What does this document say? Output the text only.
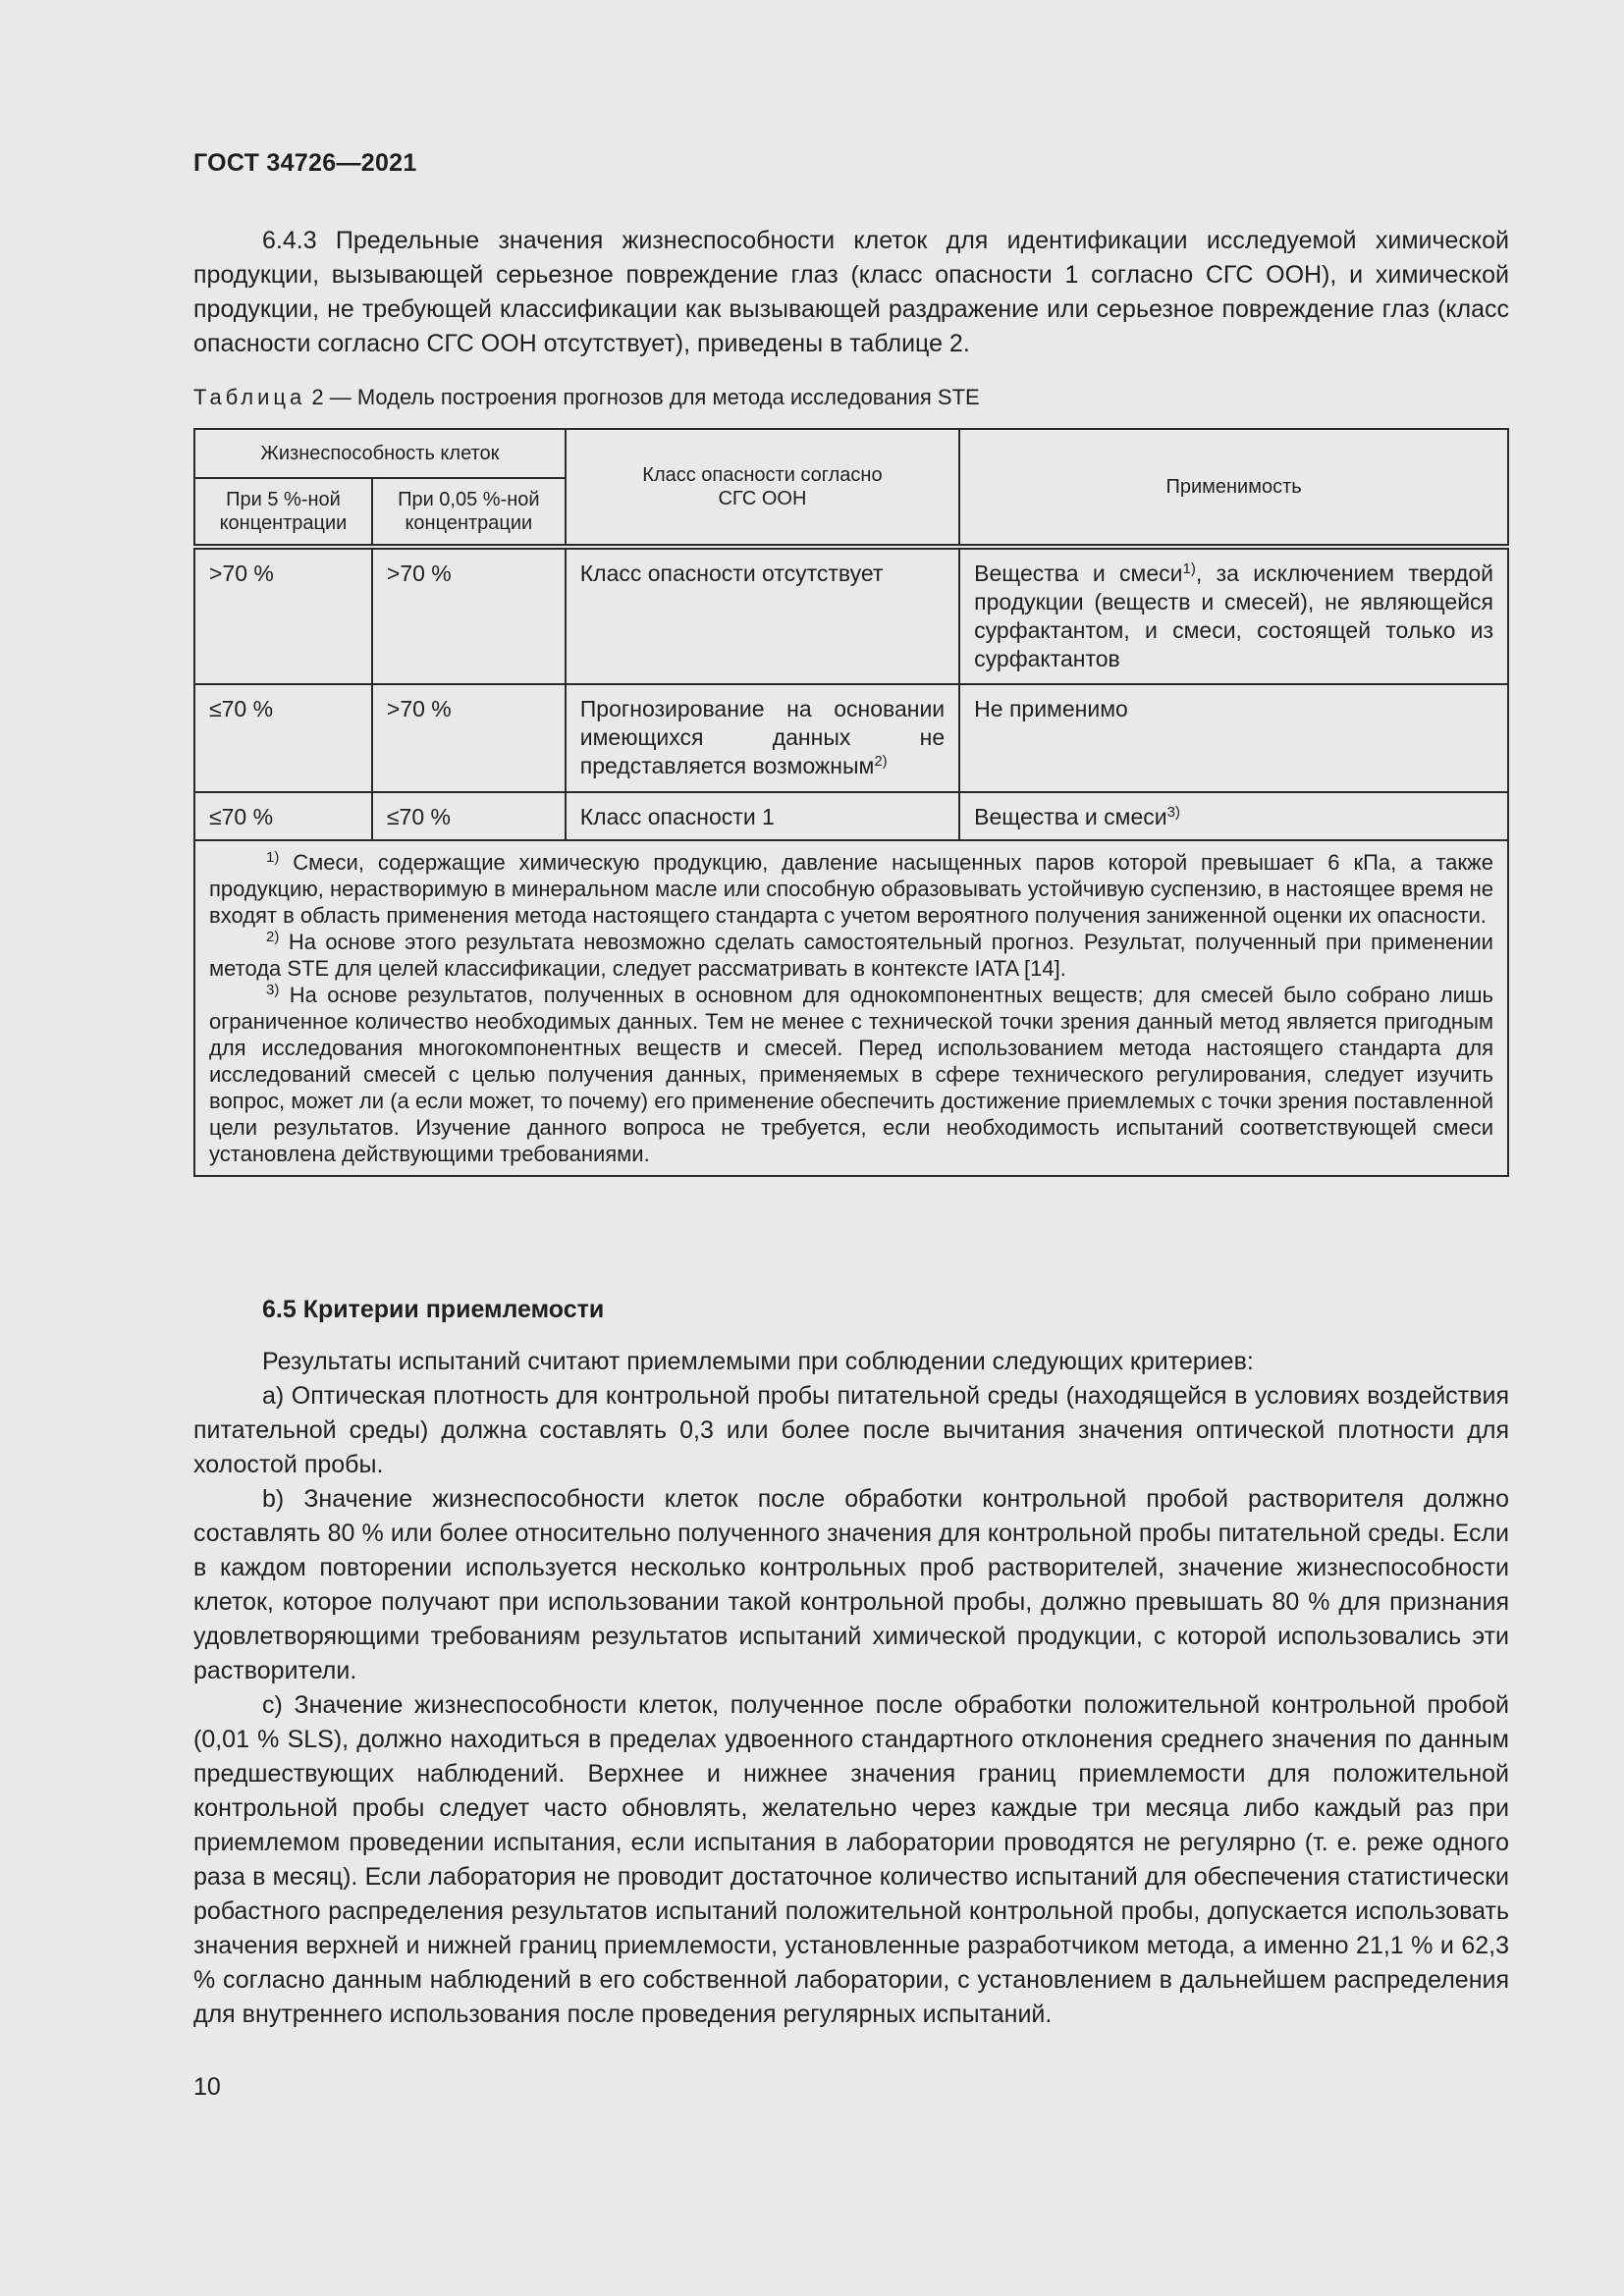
ГОСТ 34726—2021

6.4.3 Предельные значения жизнеспособности клеток для идентификации исследуемой химической продукции, вызывающей серьезное повреждение глаз (класс опасности 1 согласно СГС ООН), и химической продукции, не требующей классификации как вызывающей раздражение или серьезное повреждение глаз (класс опасности согласно СГС ООН отсутствует), приведены в таблице 2.

Таблица 2 — Модель построения прогнозов для метода исследования STE
Жизнеспособность клеток		Класс опасности согласно СГС ООН	Применимость
При 5 %-ной концентрации	При 0,05 %-ной концентрации		

>70 %	>70 %	Класс опасности отсутствует	Вещества и смеси$^{1)}$, за исключением твердой продукции (веществ и смесей), не являющейся сурфактантом, и смеси, состоящей только из сурфактантов

≤70 %	>70 %	Прогнозирование на основании имеющихся данных не представляется возможным$^{2)}$	Не применимо

≤70 %	≤70 %	Класс опасности 1	Вещества и смеси$^{3)}$

$^{1)}$ Смеси, содержащие химическую продукцию, давление насыщенных паров которой превышает 6 кПа, а также продукцию, нерастворимую в минеральном масле или способную образовывать устойчивую суспензию, в настоящее время не входят в область применения метода настоящего стандарта с учетом вероятного получения заниженной оценки их опасности.

$^{2)}$ На основе этого результата невозможно сделать самостоятельный прогноз. Результат, полученный при применении метода STE для целей классификации, следует рассматривать в контексте IATA [14].

$^{3)}$ На основе результатов, полученных в основном для однокомпонентных веществ; для смесей было собрано лишь ограниченное количество необходимых данных. Тем не менее с технической точки зрения данный метод является пригодным для исследования многокомпонентных веществ и смесей. Перед использованием метода настоящего стандарта для исследований смесей с целью получения данных, применяемых в сфере технического регулирования, следует изучить вопрос, может ли (а если может, то почему) его применение обеспечить достижение приемлемых с точки зрения поставленной цели результатов. Изучение данного вопроса не требуется, если необходимость испытаний соответствующей смеси установлена действующими требованиями.			

6.5 Критерии приемлемости

Результаты испытаний считают приемлемыми при соблюдении следующих критериев:

a) Оптическая плотность для контрольной пробы питательной среды (находящейся в условиях воздействия питательной среды) должна составлять 0,3 или более после вычитания значения оптической плотности для холостой пробы.

b) Значение жизнеспособности клеток после обработки контрольной пробой растворителя должно составлять 80 % или более относительно полученного значения для контрольной пробы питательной среды. Если в каждом повторении используется несколько контрольных проб растворителей, значение жизнеспособности клеток, которое получают при использовании такой контрольной пробы, должно превышать 80 % для признания удовлетворяющими требованиям результатов испытаний химической продукции, с которой использовались эти растворители.

c) Значение жизнеспособности клеток, полученное после обработки положительной контрольной пробой (0,01 % SLS), должно находиться в пределах удвоенного стандартного отклонения среднего значения по данным предшествующих наблюдений. Верхнее и нижнее значения границ приемлемости для положительной контрольной пробы следует часто обновлять, желательно через каждые три месяца либо каждый раз при приемлемом проведении испытания, если испытания в лаборатории проводятся не регулярно (т. е. реже одного раза в месяц). Если лаборатория не проводит достаточное количество испытаний для обеспечения статистически робастного распределения результатов испытаний положительной контрольной пробы, допускается использовать значения верхней и нижней границ приемлемости, установленные разработчиком метода, а именно 21,1 % и 62,3 % согласно данным наблюдений в его собственной лаборатории, с установлением в дальнейшем распределения для внутреннего использования после проведения регулярных испытаний.

10
